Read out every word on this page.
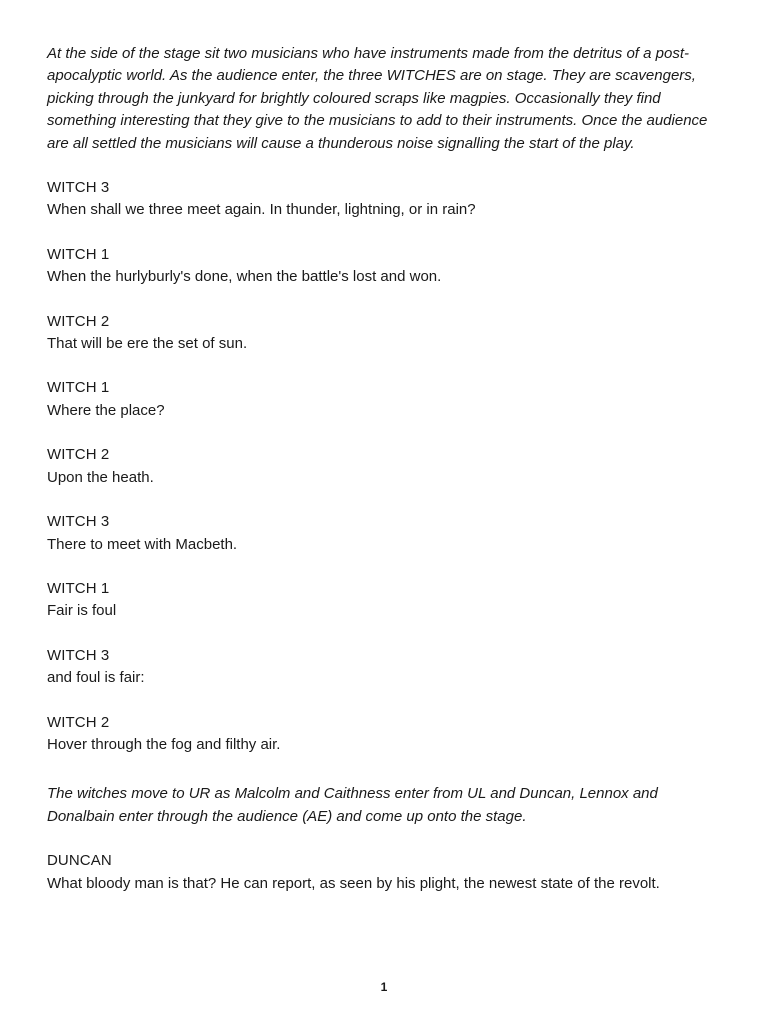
At the side of the stage sit two musicians who have instruments made from the detritus of a post-apocalyptic world. As the audience enter, the three WITCHES are on stage. They are scavengers, picking through the junkyard for brightly coloured scraps like magpies. Occasionally they find something interesting that they give to the musicians to add to their instruments. Once the audience are all settled the musicians will cause a thunderous noise signalling the start of the play.

WITCH 3

When shall we three meet again. In thunder, lightning, or in rain?

WITCH 1

When the hurlyburly's done, when the battle's lost and won.

WITCH 2

That will be ere the set of sun.

WITCH 1

Where the place?

WITCH 2

Upon the heath.

WITCH 3

There to meet with Macbeth.

WITCH 1

Fair is foul

WITCH 3

and foul is fair:

WITCH 2

Hover through the fog and filthy air.

The witches move to UR as Malcolm and Caithness enter from UL and Duncan, Lennox and Donalbain enter through the audience (AE) and come up onto the stage.

DUNCAN

What bloody man is that? He can report, as seen by his plight, the newest state of the revolt.

1
